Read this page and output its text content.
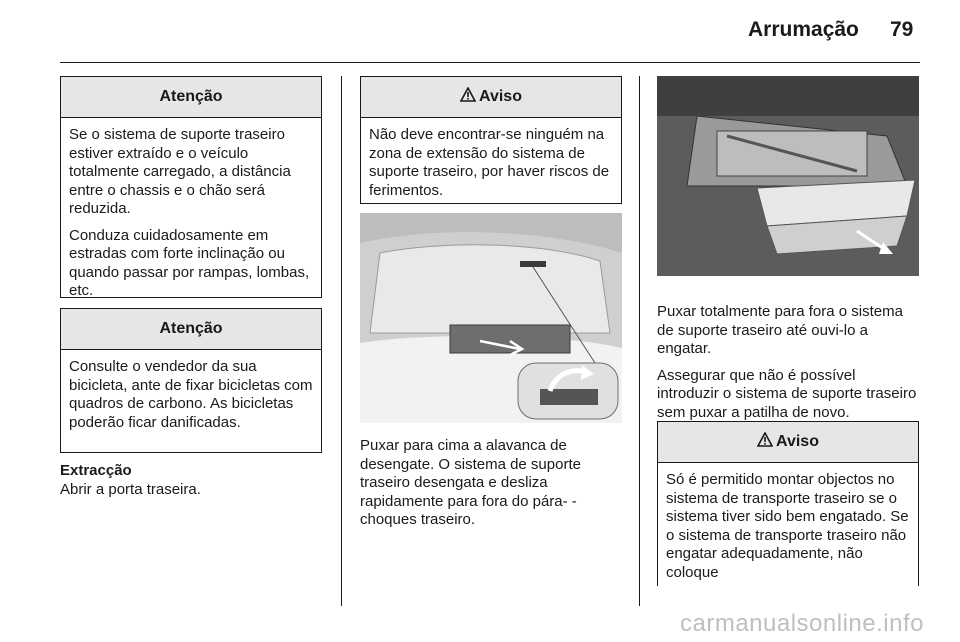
Arrumação 79
Atenção

Se o sistema de suporte traseiro estiver extraído e o veículo totalmente carregado, a distância entre o chassis e o chão será reduzida.

Conduza cuidadosamente em estradas com forte inclinação ou quando passar por rampas, lombas, etc.

Atenção

Consulte o vendedor da sua bicicleta, ante de fixar bicicletas com quadros de carbono. As bicicletas poderão ficar danificadas.

Extracção
Abrir a porta traseira.
Aviso

Não deve encontrar-se ninguém na zona de extensão do sistema de suporte traseiro, por haver riscos de ferimentos.

Puxar para cima a alavanca de desengate. O sistema de suporte traseiro desengata e desliza rapidamente para fora do pára- -choques traseiro.

Puxar totalmente para fora o sistema de suporte traseiro até ouvi-lo a engatar.

Assegurar que não é possível introduzir o sistema de suporte traseiro sem puxar a patilha de novo.

Aviso

Só é permitido montar objectos no sistema de transporte traseiro se o sistema tiver sido bem engatado. Se o sistema de transporte traseiro não engatar adequadamente, não coloque

carmanualsonline.info
